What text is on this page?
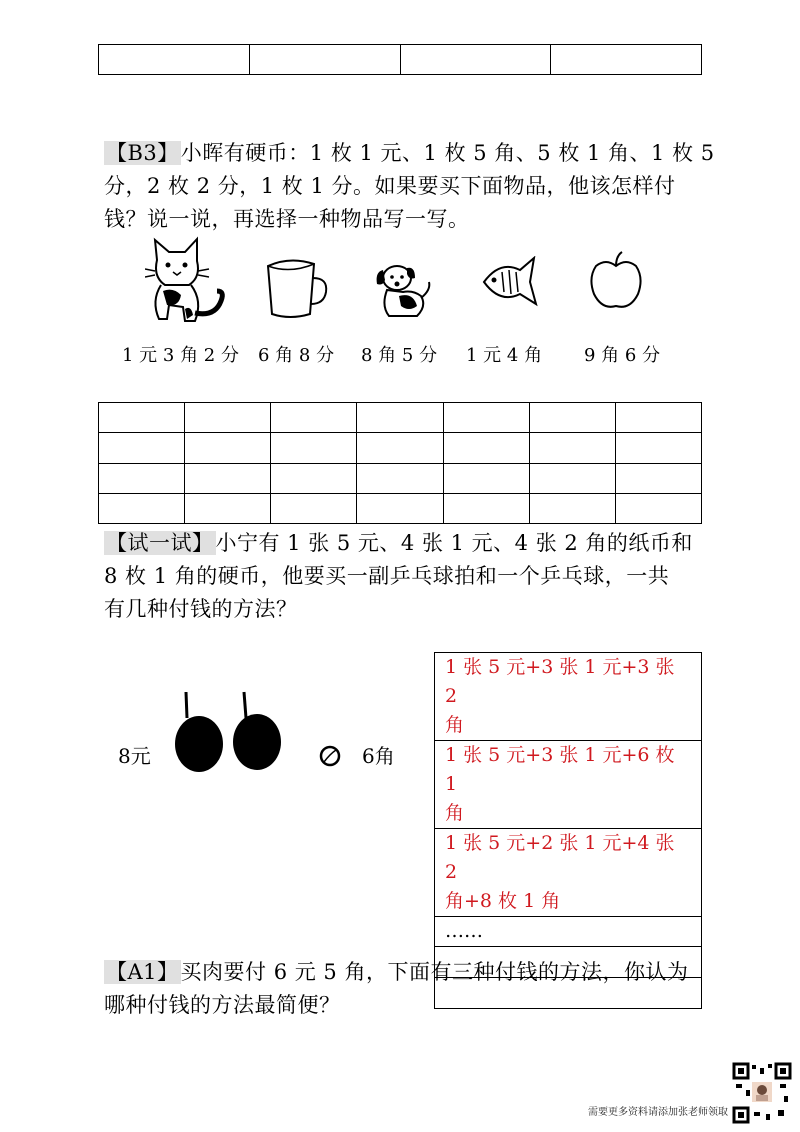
【B3】小晖有硬币：1 枚 1 元、1 枚 5 角、5 枚 1 角、1 枚 5
分，2 枚 2 分，1 枚 1 分。如果要买下面物品，他该怎样付
钱？说一说，再选择一种物品写一写。
1 元 3 角 2 分 6 角 8 分 8 角 5 分 1 元 4 角 9 角 6 分

【试一试】小宁有 1 张 5 元、4 张 1 元、4 张 2 角的纸币和
8 枚 1 角的硬币，他要买一副乒乓球拍和一个乒乓球，一共
有几种付钱的方法？
8元	6角
1 张 5 元+3 张 1 元+3 张 2
角

1 张 5 元+3 张 1 元+6 枚 1
角

1 张 5 元+2 张 1 元+4 张 2
角+8 枚 1 角

……

【A1】买肉要付 6 元 5 角，下面有三种付钱的方法，你认为
哪种付钱的方法最简便？
需要更多资料请添加张老师领取
